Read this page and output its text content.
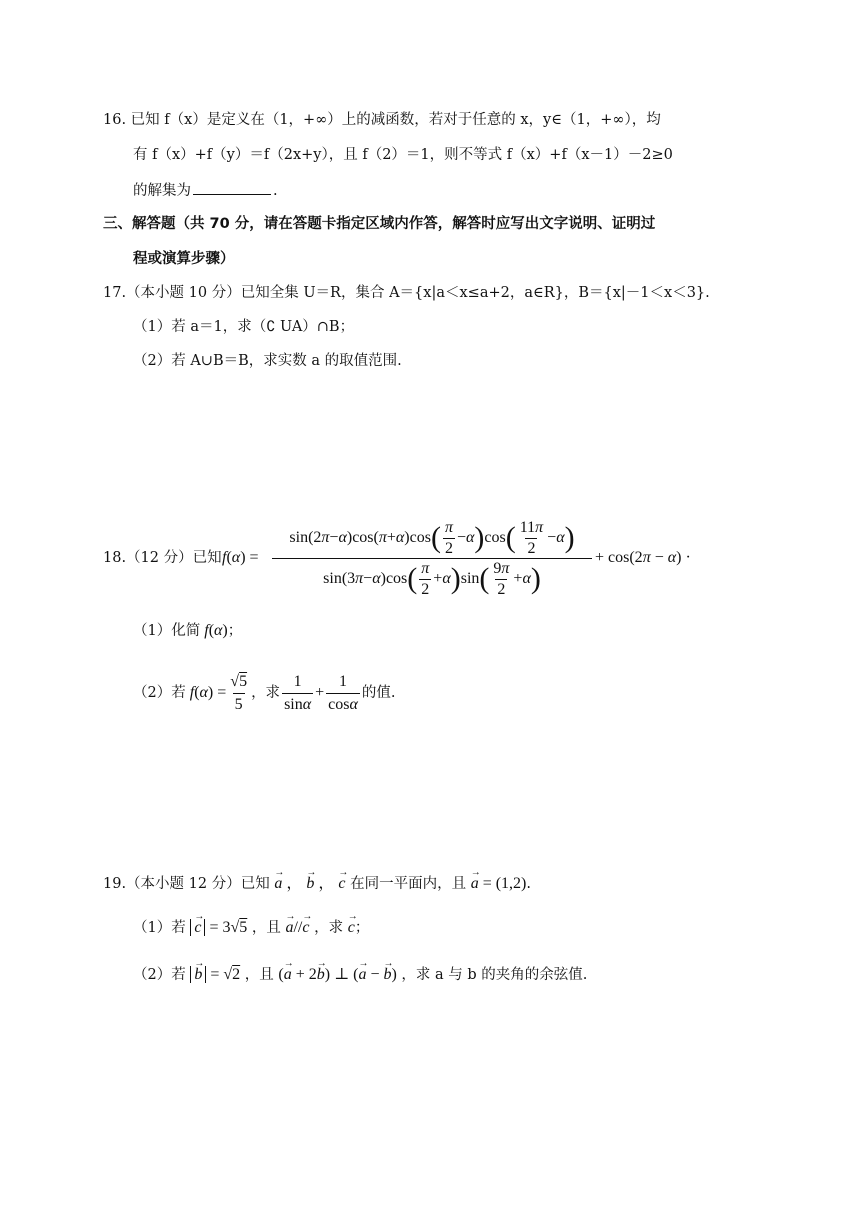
16. 已知 f（x）是定义在（1，+∞）上的减函数，若对于任意的 x，y∈（1，+∞），均
有 f（x）+f（y）＝f（2x+y），且 f（2）＝1，则不等式 f（x）+f（x－1）－2≥0
的解集为	.
三、解答题（共 70 分，请在答题卡指定区域内作答，解答时应写出文字说明、证明过
程或演算步骤）
17.（本小题 10 分）已知全集 U＝R，集合 A＝{x|a＜x≤a+2，a∈R}，B＝{x|－1＜x＜3}.
（1）若 a＝1，求（∁ UA）∩B；
（2）若 A∪B＝B，求实数 a 的取值范围.
18.（12 分）已知 f(α) =
sin(2 π − α )cos( π + α )cos ( $\frac{\pi}{2} - \alpha$ ) cos ( $\frac{11\pi}{2} - \alpha$ )
sin(3 π − α )cos ( $\frac{\pi}{2} + \alpha$ ) sin ( $\frac{9\pi}{2} + \alpha$ )
+ cos(2π − α) ·
（1）化简 f(α)；
（2）若 $f(\alpha) = \frac{√5}{5}$ ，求 $\frac{1}{\sin\alpha} + \frac{1}{\cos\alpha}$ 的值.
19.（本小题 12 分）已知 → a ， → b ， → c 在同一平面内，且 → a = (1,2).
（1）若 → c = 3√5 ，且 → a//→ c ，求 → c；
（2）若 → b = √2 ，且 (→ a + 2→ b) ⊥ (→ a − → b) ，求 a 与 b 的夹角的余弦值.
